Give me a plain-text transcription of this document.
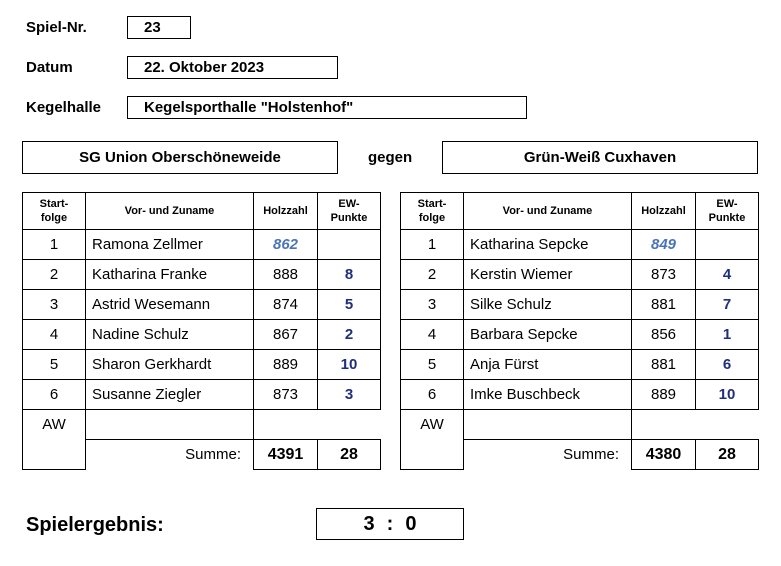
Spiel-Nr.	23
Datum	22. Oktober 2023
Kegelhalle	Kegelsporthalle "Holstenhof"
SG Union Oberschöneweide	gegen	Grün-Weiß Cuxhaven
Start-
folge	Vor- und Zuname	Holzzahl	EW-
Punkte
1	Ramona Zellmer	862	
2	Katharina Franke	888	8
3	Astrid Wesemann	874	5
4	Nadine Schulz	867	2
5	Sharon Gerkhardt	889	10
6	Susanne Ziegler	873	3
AW			
	Summe:	4391	28
Start-
folge	Vor- und Zuname	Holzzahl	EW-
Punkte
1	Katharina Sepcke	849	
2	Kerstin Wiemer	873	4
3	Silke Schulz	881	7
4	Barbara Sepcke	856	1
5	Anja Fürst	881	6
6	Imke Buschbeck	889	10
AW			
	Summe:	4380	28
Spielergebnis:	3 : 0
